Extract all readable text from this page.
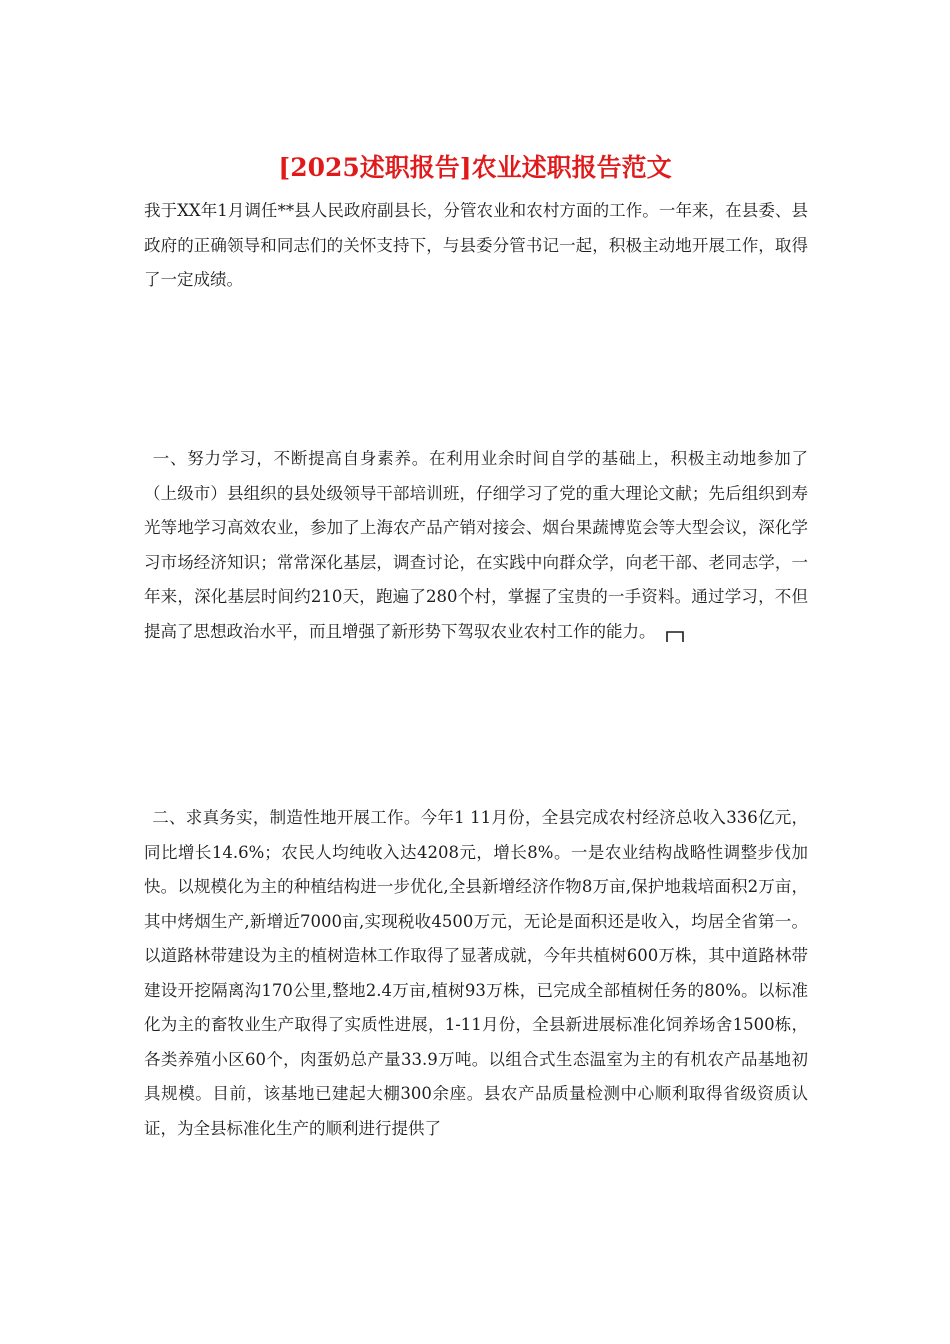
[2025述职报告]农业述职报告范文

我于XX年1月调任**县人民政府副县长，分管农业和农村方面的工作。一年来，在县委、县政府的正确领导和同志们的关怀支持下，与县委分管书记一起，积极主动地开展工作，取得了一定成绩。

一、努力学习，不断提高自身素养。在利用业余时间自学的基础上，积极主动地参加了（上级市）县组织的县处级领导干部培训班，仔细学习了党的重大理论文献；先后组织到寿光等地学习高效农业，参加了上海农产品产销对接会、烟台果蔬博览会等大型会议，深化学习市场经济知识；常常深化基层，调查讨论，在实践中向群众学，向老干部、老同志学，一年来，深化基层时间约210天，跑遍了280个村，掌握了宝贵的一手资料。通过学习，不但提高了思想政治水平，而且增强了新形势下驾驭农业农村工作的能力。
二、求真务实，制造性地开展工作。今年1 11月份，全县完成农村经济总收入336亿元，同比增长14.6%；农民人均纯收入达4208元，增长8%。一是农业结构战略性调整步伐加快。以规模化为主的种植结构进一步优化,全县新增经济作物8万亩,保护地栽培面积2万亩，其中烤烟生产,新增近7000亩,实现税收4500万元，无论是面积还是收入，均居全省第一。以道路林带建设为主的植树造林工作取得了显著成就，今年共植树600万株，其中道路林带建设开挖隔离沟170公里,整地2.4万亩,植树93万株，已完成全部植树任务的80%。以标准化为主的畜牧业生产取得了实质性进展，1-11月份，全县新进展标准化饲养场舍1500栋，各类养殖小区60个，肉蛋奶总产量33.9万吨。以组合式生态温室为主的有机农产品基地初具规模。目前，该基地已建起大棚300余座。县农产品质量检测中心顺利取得省级资质认证，为全县标准化生产的顺利进行提供了
